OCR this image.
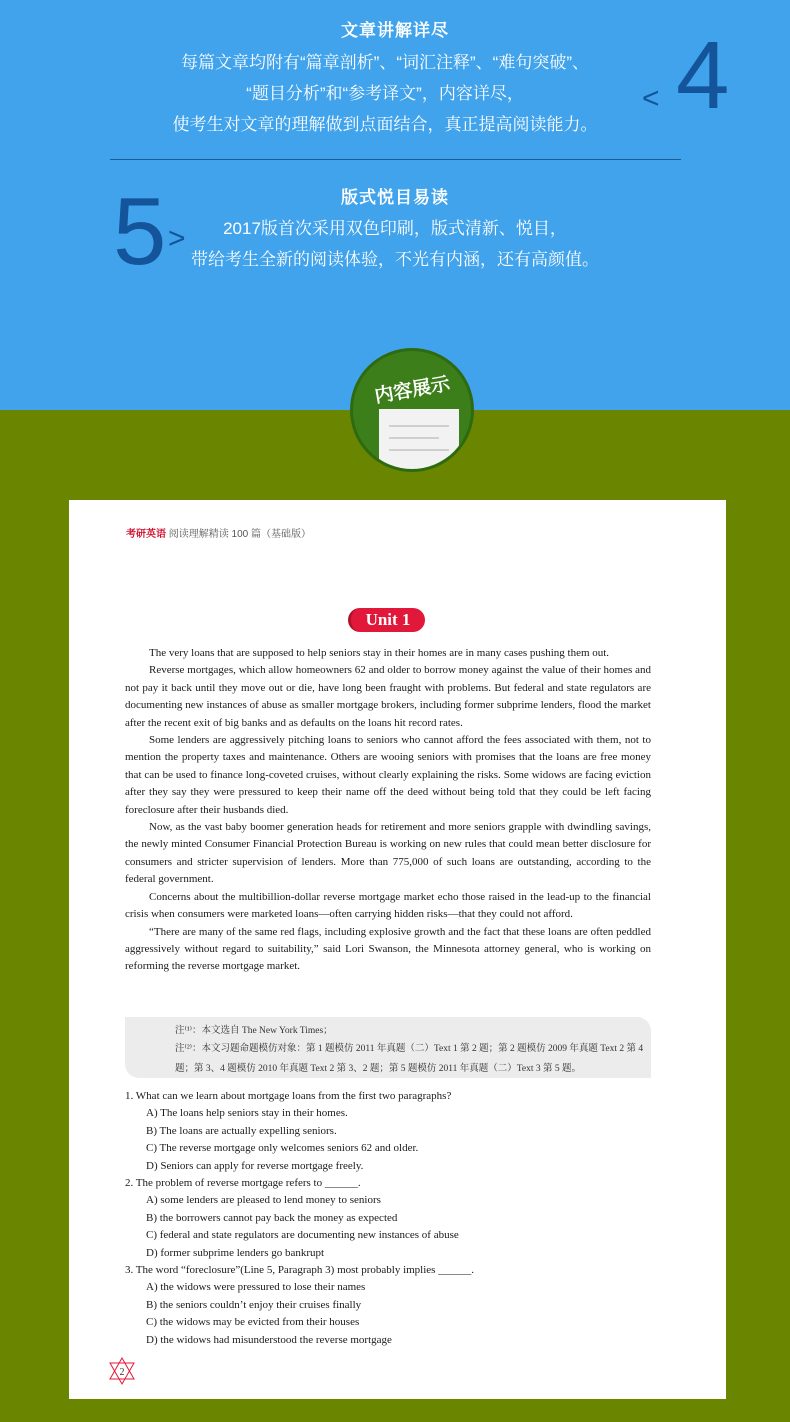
文章讲解详尽
每篇文章均附有“篇章剖析”、“词汇注释”、“难句突破”、
“题目分析”和“参考译文”，内容详尽，
使考生对文章的理解做到点面结合，真正提高阅读能力。
< 4
版式悦目易读
5 >	2017版首次采用双色印刷，版式清新、悦目，
带给考生全新的阅读体验，不光有内涵，还有高颜值。
内容展示
考研英语 阅读理解精读 100 篇（基础版）
Unit 1

The very loans that are supposed to help seniors stay in their homes are in many cases pushing them out.

Reverse mortgages, which allow homeowners 62 and older to borrow money against the value of their homes and not pay it back until they move out or die, have long been fraught with problems. But federal and state regulators are documenting new instances of abuse as smaller mortgage brokers, including former subprime lenders, flood the market after the recent exit of big banks and as defaults on the loans hit record rates.

Some lenders are aggressively pitching loans to seniors who cannot afford the fees associated with them, not to mention the property taxes and maintenance. Others are wooing seniors with promises that the loans are free money that can be used to finance long-coveted cruises, without clearly explaining the risks. Some widows are facing eviction after they say they were pressured to keep their name off the deed without being told that they could be left facing foreclosure after their husbands died.

Now, as the vast baby boomer generation heads for retirement and more seniors grapple with dwindling savings, the newly minted Consumer Financial Protection Bureau is working on new rules that could mean better disclosure for consumers and stricter supervision of lenders. More than 775,000 of such loans are outstanding, according to the federal government.

Concerns about the multibillion-dollar reverse mortgage market echo those raised in the lead-up to the financial crisis when consumers were marketed loans—often carrying hidden risks—that they could not afford.

“There are many of the same red flags, including explosive growth and the fact that these loans are often peddled aggressively without regard to suitability,” said Lori Swanson, the Minnesota attorney general, who is working on reforming the reverse mortgage market.

注⁽¹⁾：本文选自 The New York Times；
注⁽²⁾：本文习题命题模仿对象：第 1 题模仿 2011 年真题（二）Text 1 第 2 题；第 2 题模仿 2009 年真题 Text 2 第 4 题；第 3、4 题模仿 2010 年真题 Text 2 第 3、2 题；第 5 题模仿 2011 年真题（二）Text 3 第 5 题。

1. What can we learn about mortgage loans from the first two paragraphs?

A) The loans help seniors stay in their homes.

B) The loans are actually expelling seniors.

C) The reverse mortgage only welcomes seniors 62 and older.

D) Seniors can apply for reverse mortgage freely.

2. The problem of reverse mortgage refers to ______.

A) some lenders are pleased to lend money to seniors

B) the borrowers cannot pay back the money as expected

C) federal and state regulators are documenting new instances of abuse

D) former subprime lenders go bankrupt

3. The word “foreclosure”(Line 5, Paragraph 3) most probably implies ______.

A) the widows were pressured to lose their names

B) the seniors couldn’t enjoy their cruises finally

C) the widows may be evicted from their houses

D) the widows had misunderstood the reverse mortgage

2
